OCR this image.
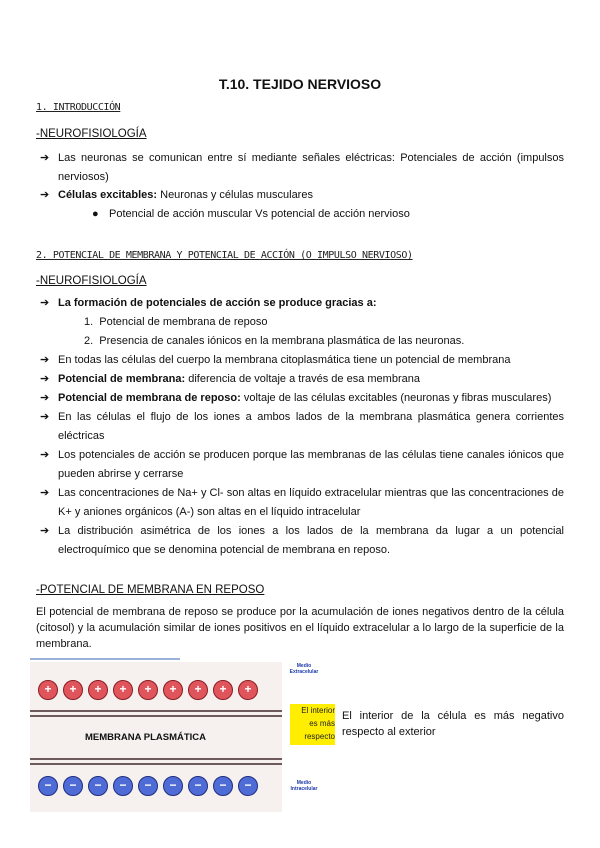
T.10. TEJIDO NERVIOSO
1. INTRODUCCIÓN
-NEUROFISIOLOGÍA
➔ Las neuronas se comunican entre sí mediante señales eléctricas: Potenciales de acción (impulsos nerviosos)
➔ Células excitables: Neuronas y células musculares
● Potencial de acción muscular Vs potencial de acción nervioso
2. POTENCIAL DE MEMBRANA Y POTENCIAL DE ACCIÓN (O IMPULSO NERVIOSO)
-NEUROFISIOLOGÍA
➔ La formación de potenciales de acción se produce gracias a:
1.  Potencial de membrana de reposo
2.  Presencia de canales iónicos en la membrana plasmática de las neuronas.
➔ En todas las células del cuerpo la membrana citoplasmática tiene un potencial de membrana
➔ Potencial de membrana: diferencia de voltaje a través de esa membrana
➔ Potencial de membrana de reposo: voltaje de las células excitables (neuronas y fibras musculares)
➔ En las células el flujo de los iones a ambos lados de la membrana plasmática genera corrientes eléctricas
➔ Los potenciales de acción se producen porque las membranas de las células tiene canales iónicos que pueden abrirse y cerrarse
➔ Las concentraciones de Na+ y Cl- son altas en líquido extracelular mientras que las concentraciones de K+ y aniones orgánicos (A-) son altas en el líquido intracelular
➔ La distribución asimétrica de los iones a los lados de la membrana da lugar a un potencial electroquímico que se denomina potencial de membrana en reposo.
-POTENCIAL DE MEMBRANA EN REPOSO
El potencial de membrana de reposo se produce por la acumulación de iones negativos dentro de la célula (citosol) y la acumulación similar de iones positivos en el líquido extracelular a lo largo de la superficie de la membrana.
MEMBRANA PLASMÁTICA
+	+	+	+	+	+	+	+	+
−	−	−	−	−	−	−	−	−
Medio Extracelular
Medio Intracelular
El interior
es más
respecto
El interior de la célula es más negativo respecto al exterior
